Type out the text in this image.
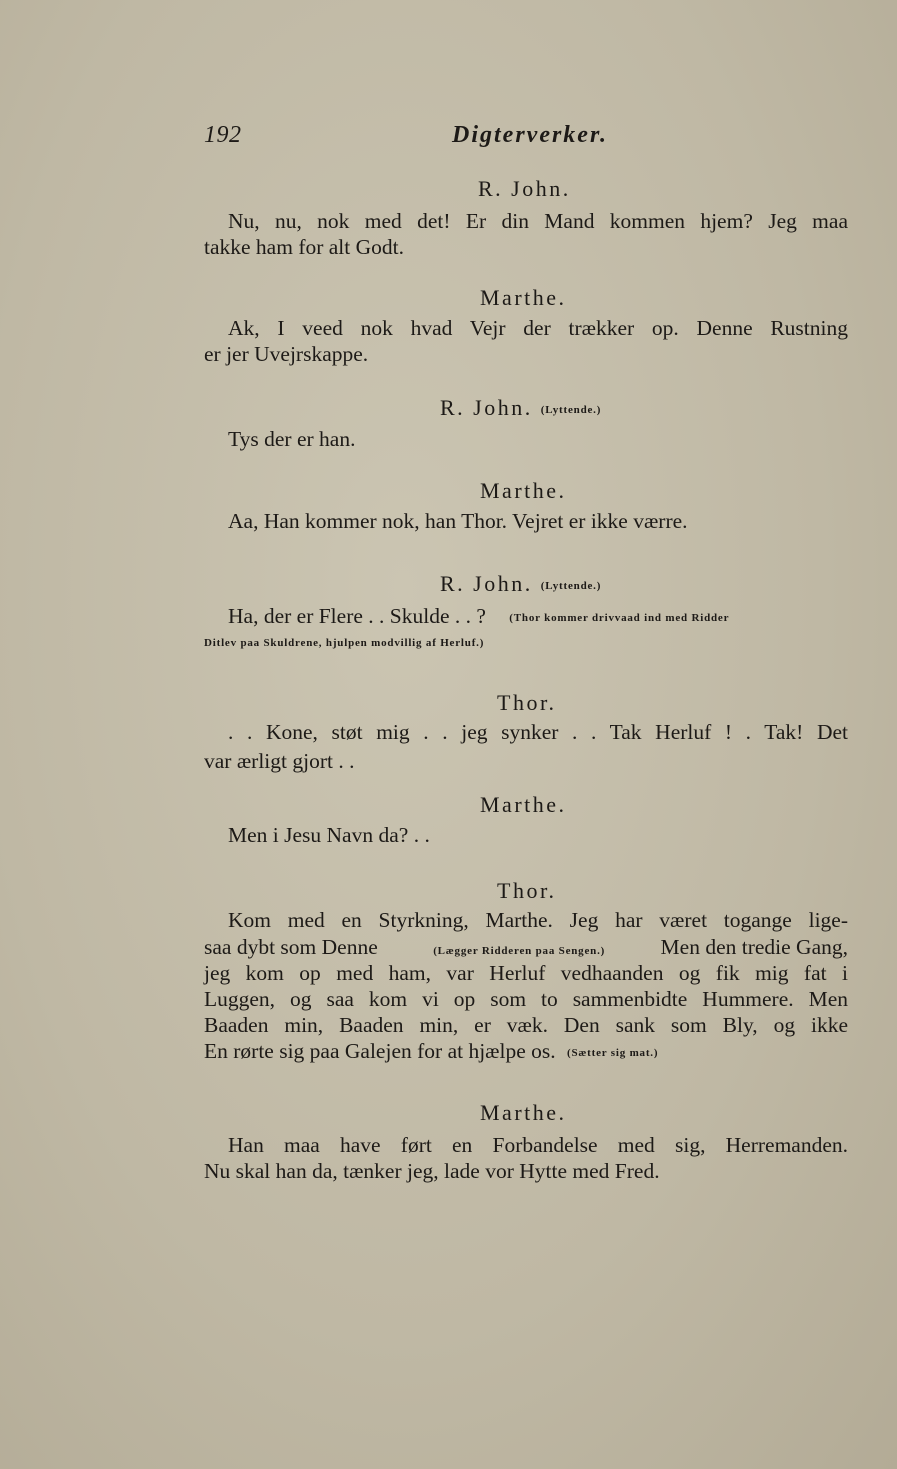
192	Digterverker.
R. John.
Nu, nu, nok med det! Er din Mand kommen hjem? Jeg maa
takke ham for alt Godt.
Marthe.
Ak, I veed nok hvad Vejr der trækker op. Denne Rustning
er jer Uvejrskappe.
R. John. (Lyttende.)
Tys der er han.
Marthe.
Aa, Han kommer nok, han Thor. Vejret er ikke værre.
R. John. (Lyttende.)
Ha, der er Flere . . Skulde . . ? (Thor kommer drivvaad ind med Ridder
Ditlev paa Skuldrene, hjulpen modvillig af Herluf.)
Thor.
. . Kone, støt mig . . jeg synker . . Tak Herluf ! . Tak! Det
var ærligt gjort . .
Marthe.
Men i Jesu Navn da? . .
Thor.
Kom med en Styrkning, Marthe. Jeg har været togange lige-
saa dybt som Denne	(Lægger Ridderen paa Sengen.)	Men den tredie Gang,
jeg kom op med ham, var Herluf vedhaanden og fik mig fat i
Luggen, og saa kom vi op som to sammenbidte Hummere. Men
Baaden min, Baaden min, er væk. Den sank som Bly, og ikke
En rørte sig paa Galejen for at hjælpe os. (Sætter sig mat.)
Marthe.
Han maa have ført en Forbandelse med sig, Herremanden.
Nu skal han da, tænker jeg, lade vor Hytte med Fred.
